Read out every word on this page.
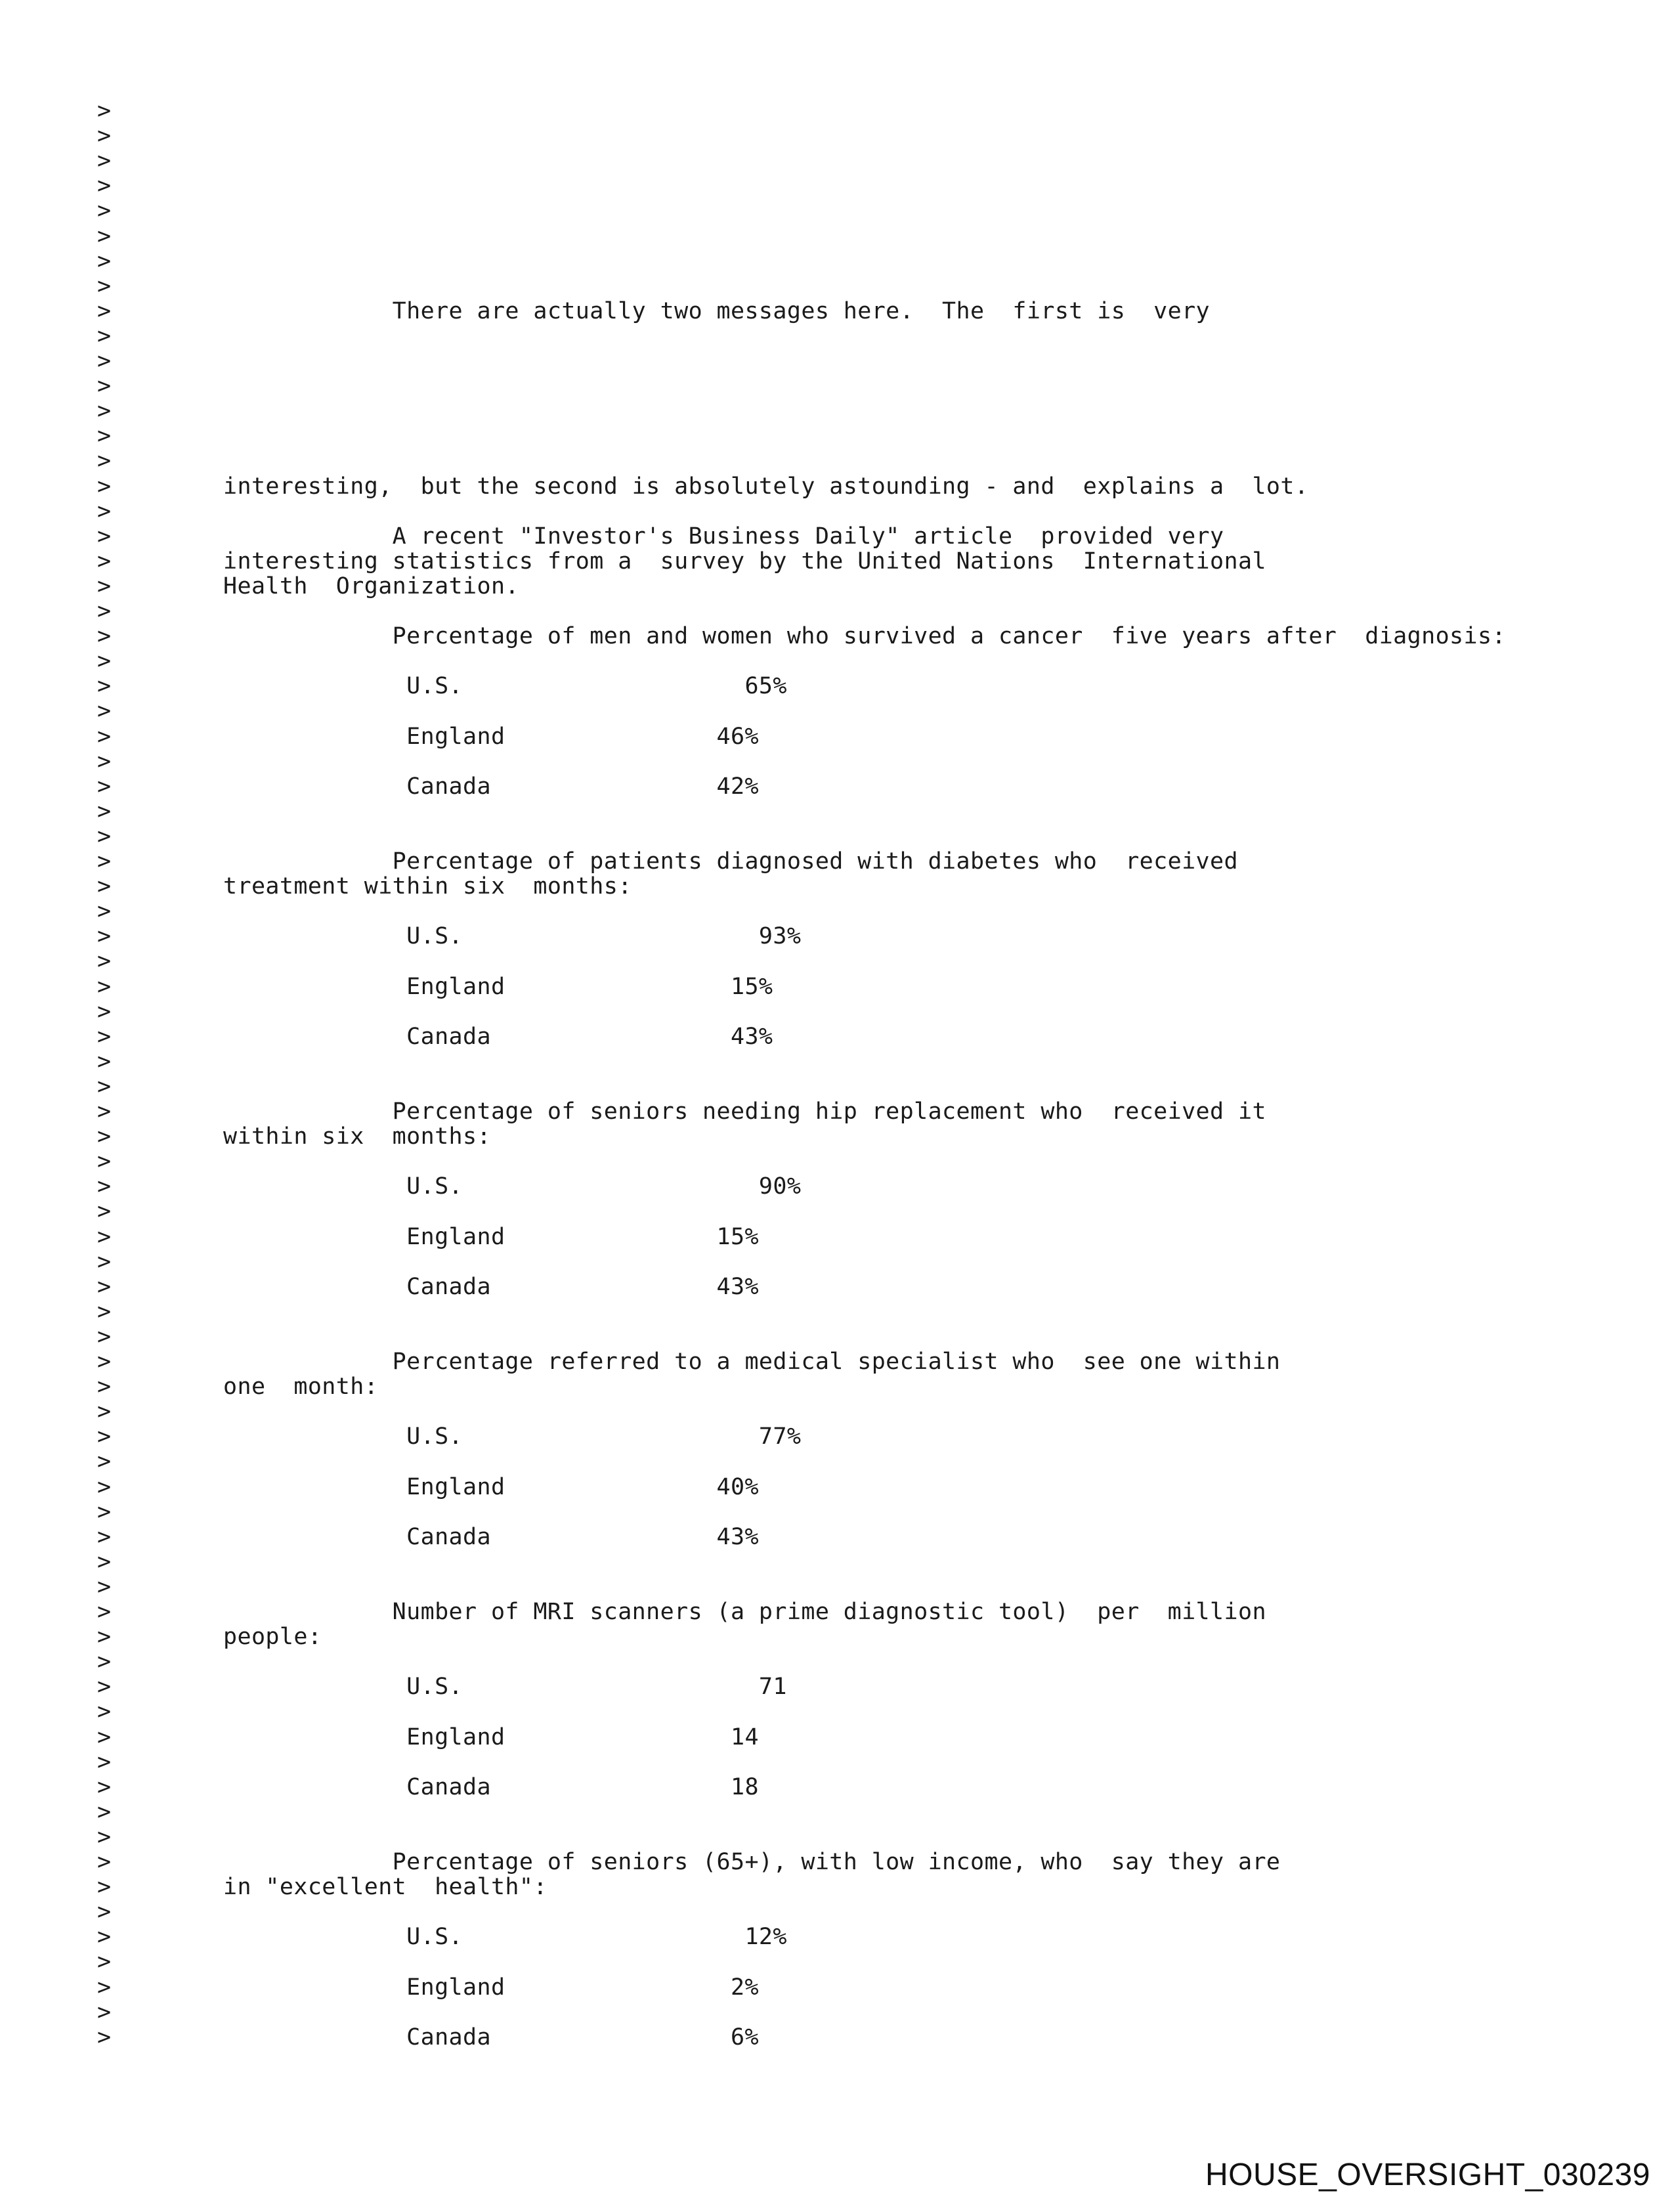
>
>
>
>
>
>
>
>
>	There are actually two messages here.  The  first is  very
>
>
>
>
>
>
>	interesting,  but the second is absolutely astounding - and  explains a  lot.
>
>	A recent "Investor's Business Daily" article  provided very
>	interesting statistics from a  survey by the United Nations  International
>	Health  Organization.
>
>	Percentage of men and women who survived a cancer  five years after  diagnosis:
>
>	U.S.                    65%
>
>	England               46%
>
>	Canada                42%
>
>
>	Percentage of patients diagnosed with diabetes who  received
>	treatment within six  months:
>
>	U.S.                     93%
>
>	England                15%
>
>	Canada                 43%
>
>
>	Percentage of seniors needing hip replacement who  received it
>	within six  months:
>
>	U.S.                     90%
>
>	England               15%
>
>	Canada                43%
>
>
>	Percentage referred to a medical specialist who  see one within
>	one  month:
>
>	U.S.                     77%
>
>	England               40%
>
>	Canada                43%
>
>
>	Number of MRI scanners (a prime diagnostic tool)  per  million
>	people:
>
>	U.S.                     71
>
>	England                14
>
>	Canada                 18
>
>
>	Percentage of seniors (65+), with low income, who  say they are
>	in "excellent  health":
>
>	U.S.                    12%
>
>	England                2%
>
>	Canada                 6%
HOUSE_OVERSIGHT_030239
